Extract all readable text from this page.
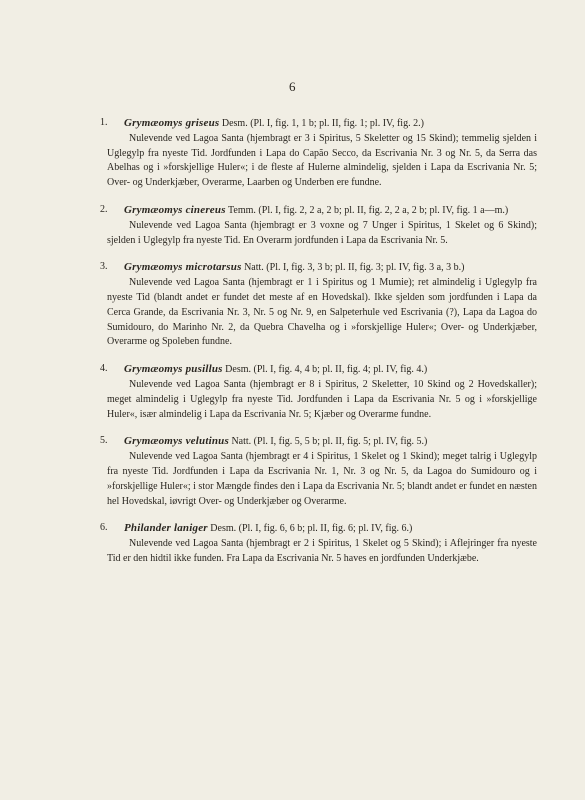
6
1.	Grymæomys griseus Desm. (Pl. I, fig. 1, 1 b; pl. II, fig. 1; pl. IV, fig. 2.)
Nulevende ved Lagoa Santa (hjembragt er 3 i Spiritus, 5 Skeletter og 15 Skind); temmelig sjelden i Uglegylp fra nyeste Tid. Jordfunden i Lapa do Capão Secco, da Escrivania Nr. 3 og Nr. 5, da Serra das Abelhas og i »forskjellige Huler«; i de fleste af Hulerne almindelig, sjelden i Lapa da Escrivania Nr. 5; Over- og Underkjæber, Overarme, Laarben og Underben ere fundne.
2.	Grymæomys cinereus Temm. (Pl. I, fig. 2, 2 a, 2 b; pl. II, fig. 2, 2 a, 2 b; pl. IV, fig. 1 a—m.)
Nulevende ved Lagoa Santa (hjembragt er 3 voxne og 7 Unger i Spiritus, 1 Skelet og 6 Skind); sjelden i Uglegylp fra nyeste Tid. En Overarm jordfunden i Lapa da Escrivania Nr. 5.
3.	Grymæomys microtarsus Natt. (Pl. I, fig. 3, 3 b; pl. II, fig. 3; pl. IV, fig. 3 a, 3 b.)
Nulevende ved Lagoa Santa (hjembragt er 1 i Spiritus og 1 Mumie); ret almindelig i Uglegylp fra nyeste Tid (blandt andet er fundet det meste af en Hovedskal). Ikke sjelden som jordfunden i Lapa da Cerca Grande, da Escrivania Nr. 3, Nr. 5 og Nr. 9, en Salpeterhule ved Escrivania (?), Lapa da Lagoa do Sumidouro, do Marinho Nr. 2, da Quebra Chavelha og i »forskjellige Huler«; Over- og Underkjæber, Overarme og Spoleben fundne.
4.	Grymæomys pusillus Desm. (Pl. I, fig. 4, 4 b; pl. II, fig. 4; pl. IV, fig. 4.)
Nulevende ved Lagoa Santa (hjembragt er 8 i Spiritus, 2 Skeletter, 10 Skind og 2 Hovedskaller); meget almindelig i Uglegylp fra nyeste Tid. Jordfunden i Lapa da Escrivania Nr. 5 og i »forskjellige Huler«, især almindelig i Lapa da Escrivania Nr. 5; Kjæber og Overarme fundne.
5.	Grymæomys velutinus Natt. (Pl. I, fig. 5, 5 b; pl. II, fig. 5; pl. IV, fig. 5.)
Nulevende ved Lagoa Santa (hjembragt er 4 i Spiritus, 1 Skelet og 1 Skind); meget talrig i Uglegylp fra nyeste Tid. Jordfunden i Lapa da Escrivania Nr. 1, Nr. 3 og Nr. 5, da Lagoa do Sumidouro og i »forskjellige Huler«; i stor Mængde findes den i Lapa da Escrivania Nr. 5; blandt andet er fundet en næsten hel Hovedskal, iøvrigt Over- og Underkjæber og Overarme.
6.	Philander laniger Desm. (Pl. I, fig. 6, 6 b; pl. II, fig. 6; pl. IV, fig. 6.)
Nulevende ved Lagoa Santa (hjembragt er 2 i Spiritus, 1 Skelet og 5 Skind); i Aflejringer fra nyeste Tid er den hidtil ikke funden. Fra Lapa da Escrivania Nr. 5 haves en jordfunden Underkjæbe.
